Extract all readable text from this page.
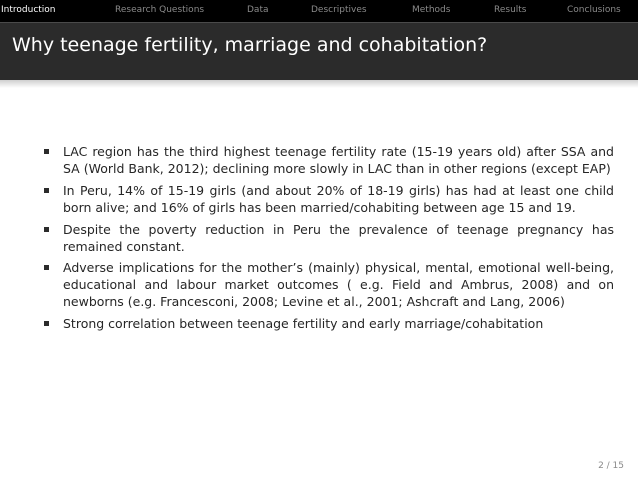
Introduction	Research Questions	Data	Descriptives	Methods	Results	Conclusions
Why teenage fertility, marriage and cohabitation?
LAC region has the third highest teenage fertility rate (15-19 years old) after SSA and SA (World Bank, 2012); declining more slowly in LAC than in other regions (except EAP)
In Peru, 14% of 15-19 girls (and about 20% of 18-19 girls) has had at least one child born alive; and 16% of girls has been married/cohabiting between age 15 and 19.
Despite the poverty reduction in Peru the prevalence of teenage pregnancy has remained constant.
Adverse implications for the mother’s (mainly) physical, mental, emotional well-being, educational and labour market outcomes ( e.g. Field and Ambrus, 2008) and on newborns (e.g. Francesconi, 2008; Levine et al., 2001; Ashcraft and Lang, 2006)
Strong correlation between teenage fertility and early marriage/cohabitation
2 / 15
